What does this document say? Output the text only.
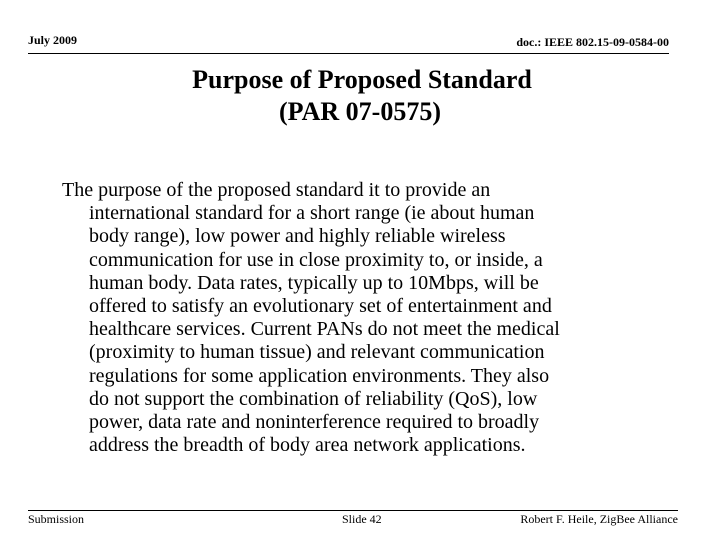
July 2009	doc.: IEEE 802.15-09-0584-00
Purpose of Proposed Standard
(PAR 07-0575)
The purpose of the proposed standard it to provide an
international standard for a short range (ie about human
body range), low power and highly reliable wireless
communication for use in close proximity to, or inside, a
human body. Data rates, typically up to 10Mbps, will be
offered to satisfy an evolutionary set of entertainment and
healthcare services. Current PANs do not meet the medical
(proximity to human tissue) and relevant communication
regulations for some application environments. They also
do not support the combination of reliability (QoS), low
power, data rate and noninterference required to broadly
address the breadth of body area network applications.
Submission	Slide 42	Robert F. Heile, ZigBee Alliance
